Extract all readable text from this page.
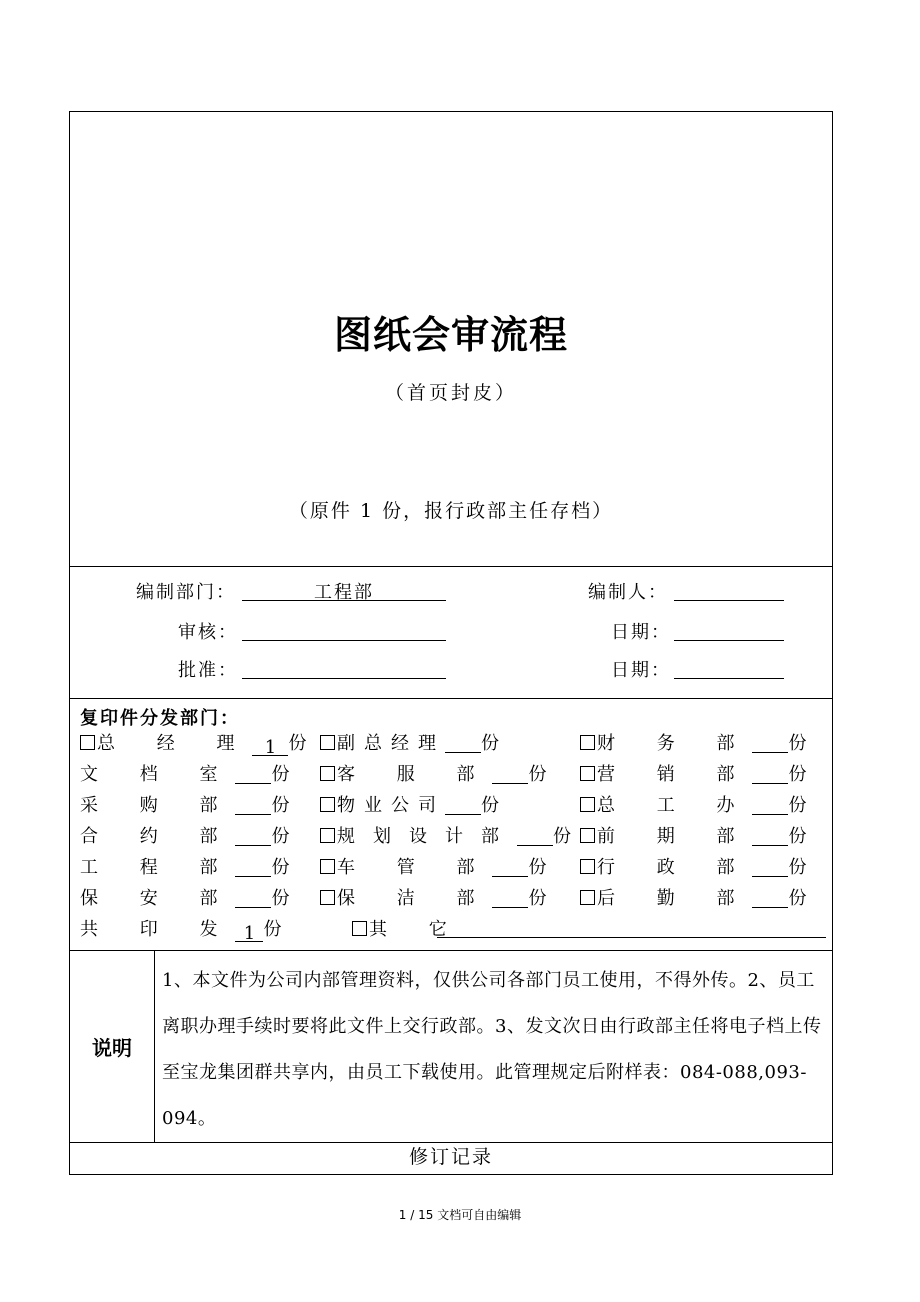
图纸会审流程
（首页封皮）
（原件 1 份，报行政部主任存档）
编制部门：	工程部	编制人：
审核：	日期：
批准：	日期：
复印件分发部门：
总 经 理 1 份	副总经理 份	财 务 部 份
文 档 室 份	客 服 部 份	营 销 部 份
采 购 部 份	物业公司 份	总 工 办 份
合 约 部 份	规划设计部 份	前 期 部 份
工 程 部 份	车 管 部 份	行 政 部 份
保 安 部 份	保 洁 部 份	后 勤 部 份
共 印 发 1 份	其 它
说明
1、本文件为公司内部管理资料，仅供公司各部门员工使用，不得外传。2、员工离职办理手续时要将此文件上交行政部。3、发文次日由行政部主任将电子档上传至宝龙集团群共享内，由员工下载使用。此管理规定后附样表：084-088,093-094。
修订记录
1 / 15 文档可自由编辑
